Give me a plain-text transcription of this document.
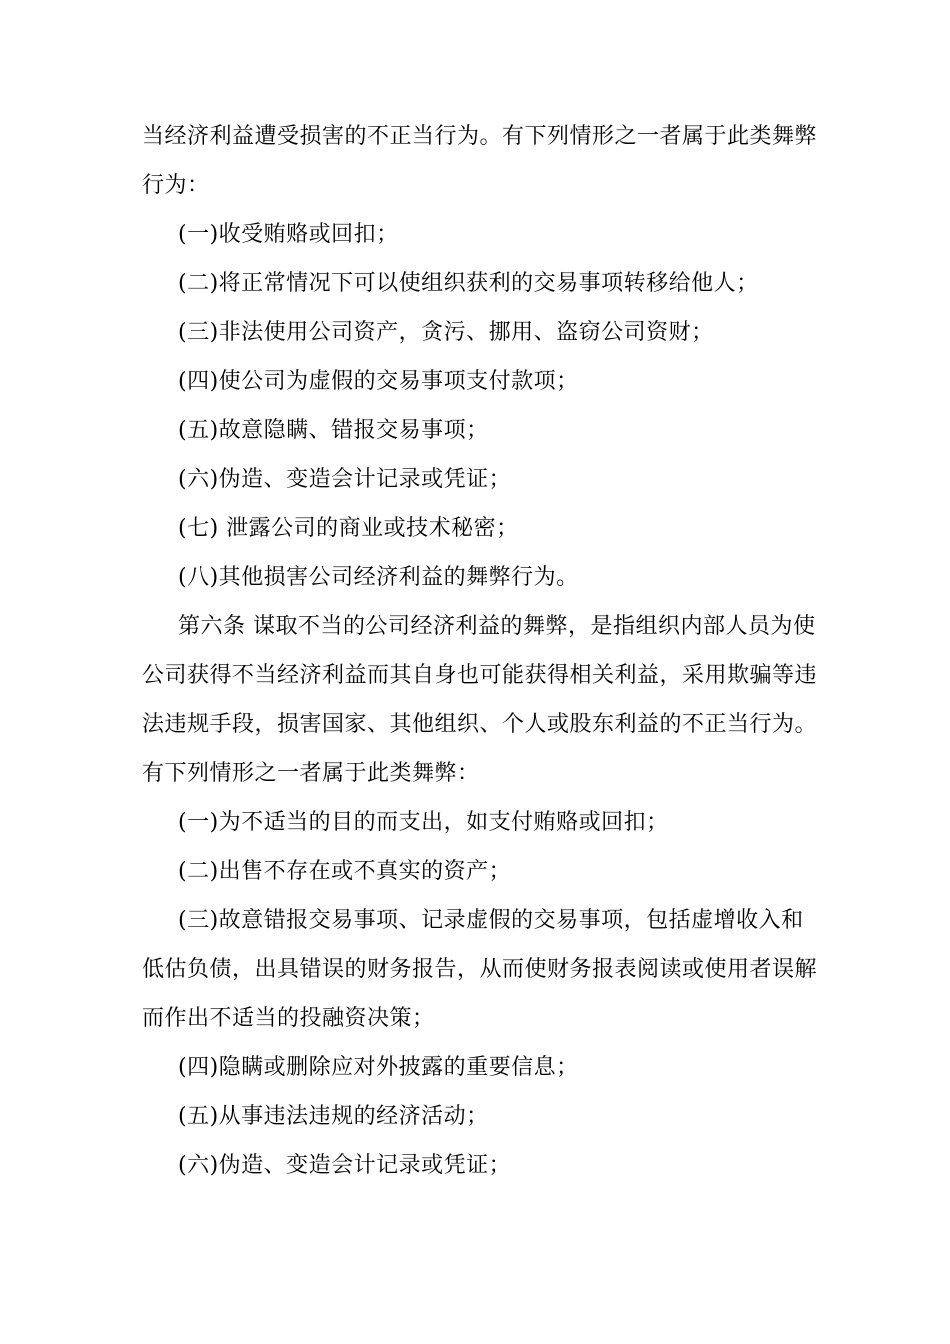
当经济利益遭受损害的不正当行为。有下列情形之一者属于此类舞弊
行为：
(一)收受贿赂或回扣；
(二)将正常情况下可以使组织获利的交易事项转移给他人；
(三)非法使用公司资产，贪污、挪用、盗窃公司资财；
(四)使公司为虚假的交易事项支付款项；
(五)故意隐瞒、错报交易事项；
(六)伪造、变造会计记录或凭证；
(七) 泄露公司的商业或技术秘密；
(八)其他损害公司经济利益的舞弊行为。
第六条 谋取不当的公司经济利益的舞弊，是指组织内部人员为使
公司获得不当经济利益而其自身也可能获得相关利益，采用欺骗等违
法违规手段，损害国家、其他组织、个人或股东利益的不正当行为。
有下列情形之一者属于此类舞弊：
(一)为不适当的目的而支出，如支付贿赂或回扣；
(二)出售不存在或不真实的资产；
(三)故意错报交易事项、记录虚假的交易事项，包括虚增收入和
低估负债，出具错误的财务报告，从而使财务报表阅读或使用者误解
而作出不适当的投融资决策；
(四)隐瞒或删除应对外披露的重要信息；
(五)从事违法违规的经济活动；
(六)伪造、变造会计记录或凭证；
